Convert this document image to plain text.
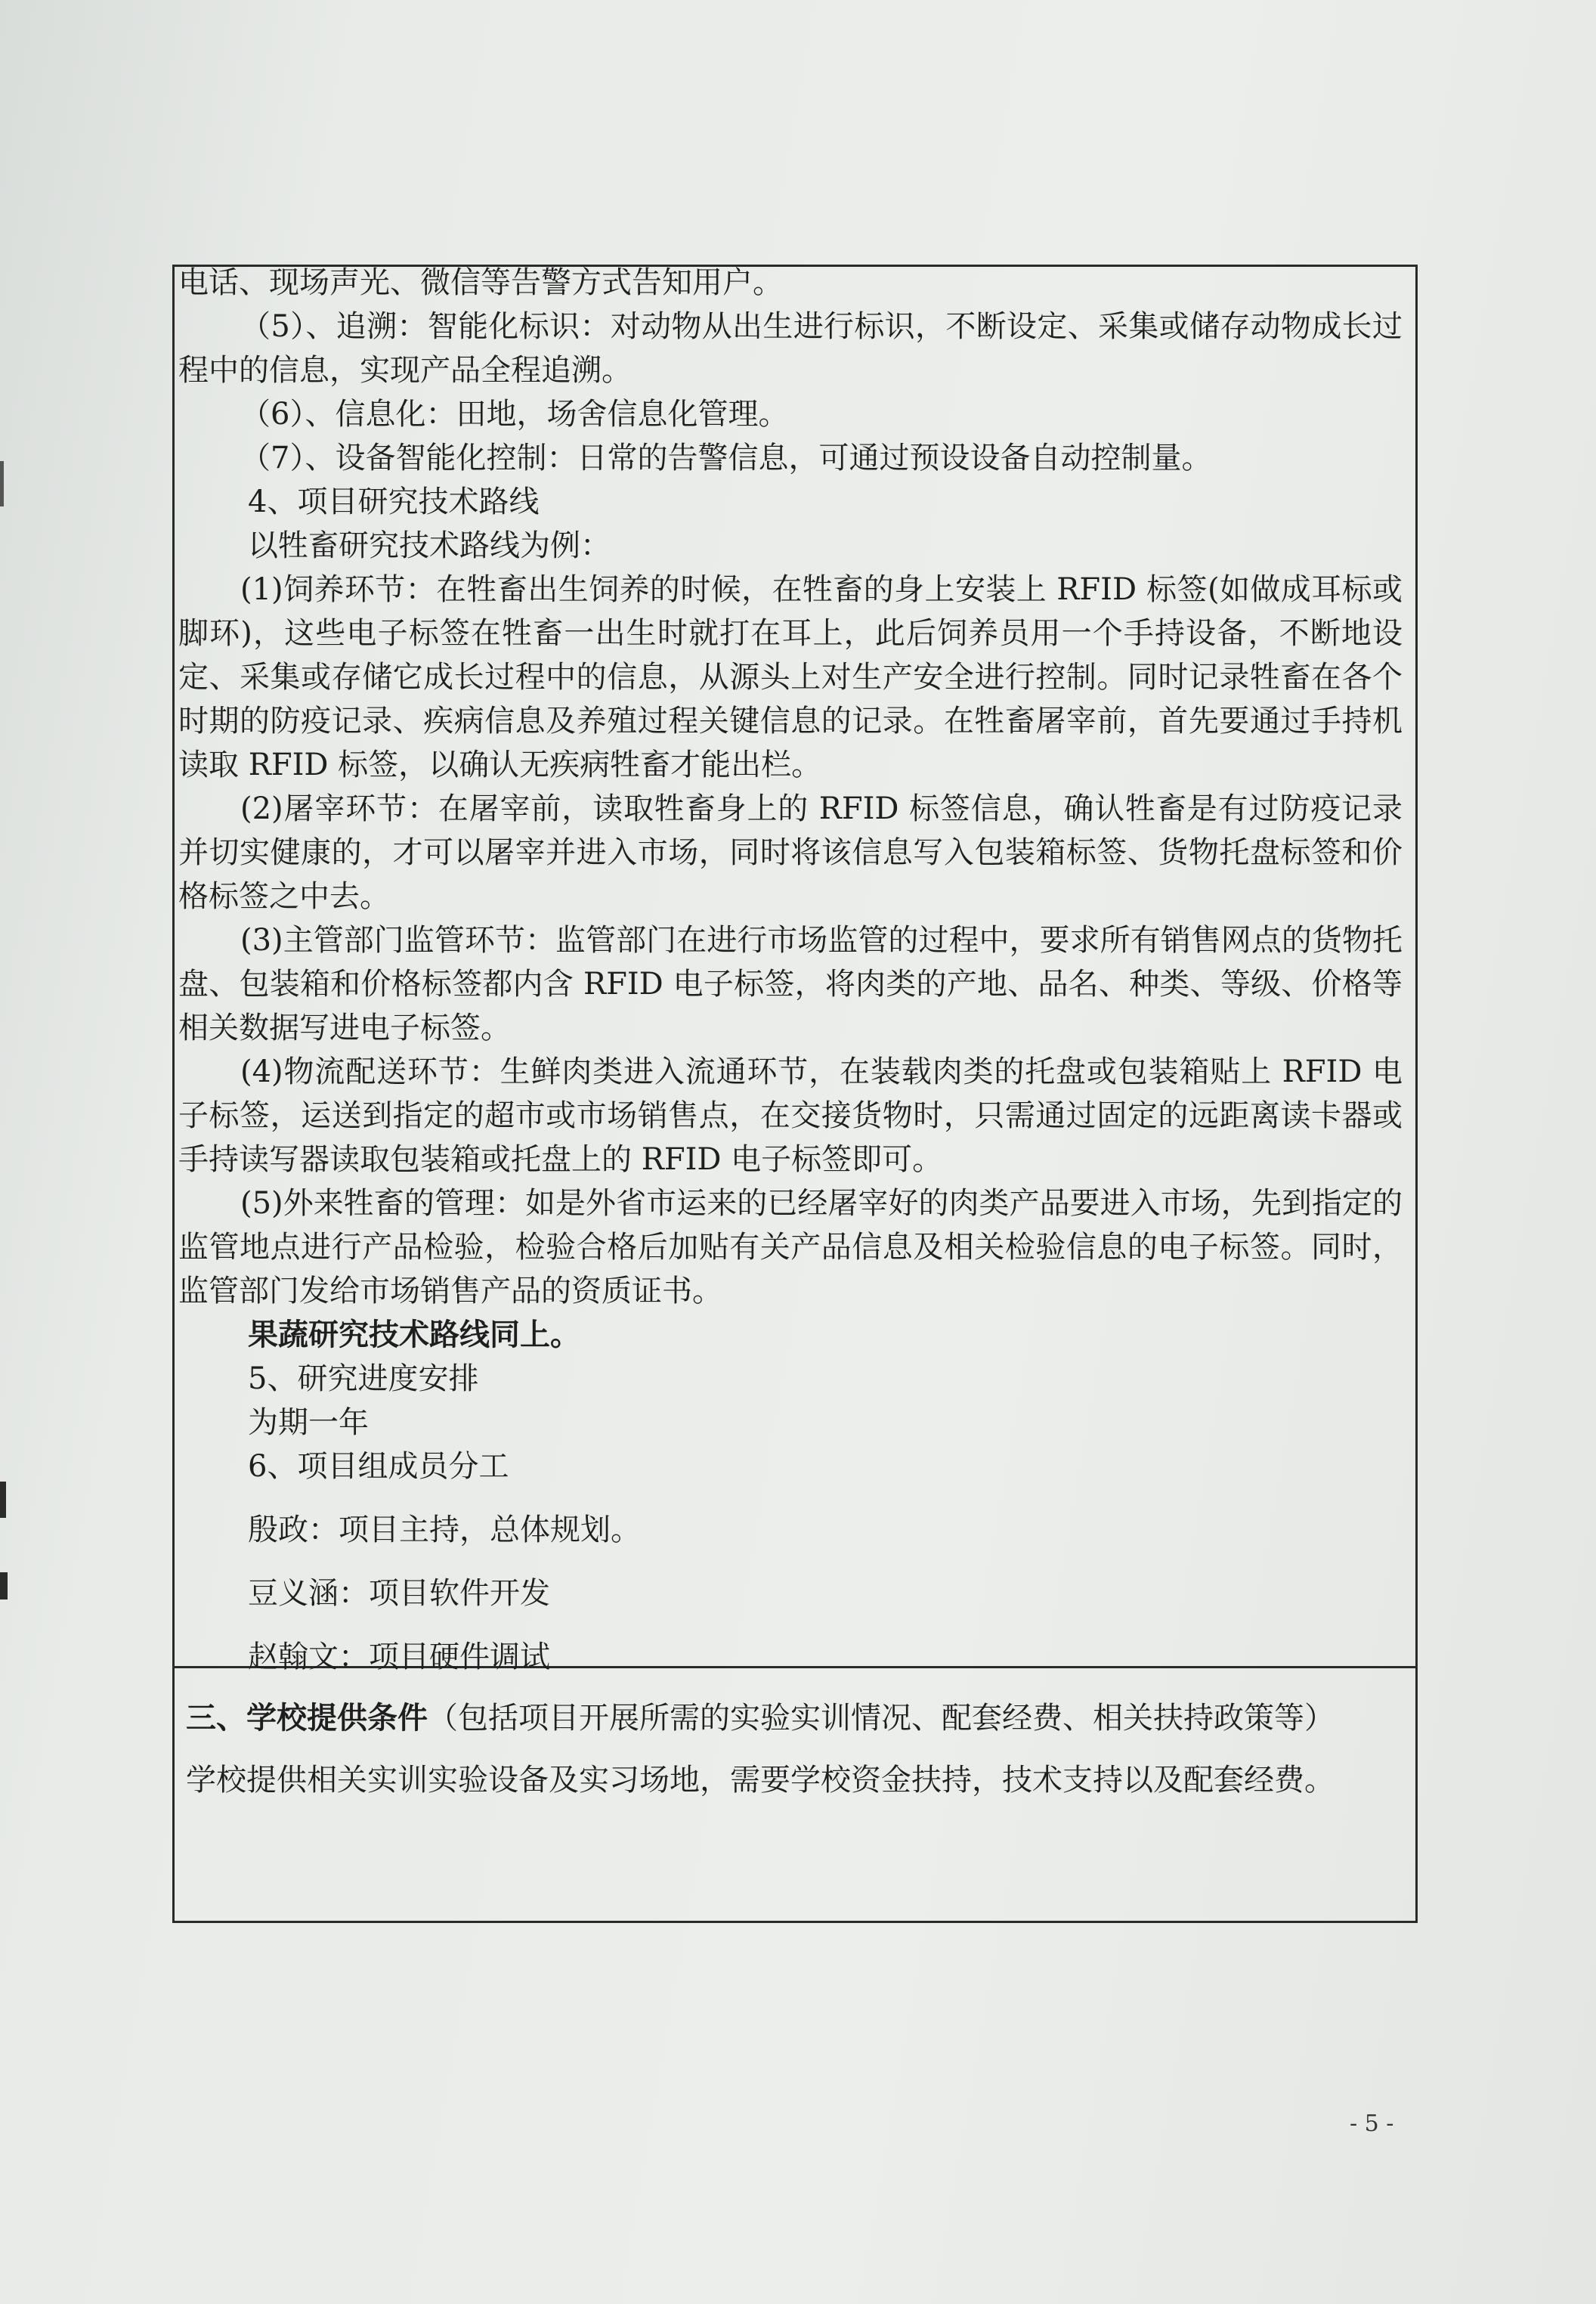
电话、现场声光、微信等告警方式告知用户。

（5）、追溯：智能化标识：对动物从出生进行标识，不断设定、采集或储存动物成长过程中的信息，实现产品全程追溯。

（6）、信息化：田地，场舍信息化管理。

（7）、设备智能化控制：日常的告警信息，可通过预设设备自动控制量。

4、项目研究技术路线

以牲畜研究技术路线为例：

(1)饲养环节：在牲畜出生饲养的时候，在牲畜的身上安装上 RFID 标签(如做成耳标或脚环)，这些电子标签在牲畜一出生时就打在耳上，此后饲养员用一个手持设备，不断地设定、采集或存储它成长过程中的信息，从源头上对生产安全进行控制。同时记录牲畜在各个时期的防疫记录、疾病信息及养殖过程关键信息的记录。在牲畜屠宰前，首先要通过手持机读取 RFID 标签，以确认无疾病牲畜才能出栏。

(2)屠宰环节：在屠宰前，读取牲畜身上的 RFID 标签信息，确认牲畜是有过防疫记录并切实健康的，才可以屠宰并进入市场，同时将该信息写入包装箱标签、货物托盘标签和价格标签之中去。

(3)主管部门监管环节：监管部门在进行市场监管的过程中，要求所有销售网点的货物托盘、包装箱和价格标签都内含 RFID 电子标签，将肉类的产地、品名、种类、等级、价格等相关数据写进电子标签。

(4)物流配送环节：生鲜肉类进入流通环节，在装载肉类的托盘或包装箱贴上 RFID 电子标签，运送到指定的超市或市场销售点，在交接货物时，只需通过固定的远距离读卡器或手持读写器读取包装箱或托盘上的 RFID 电子标签即可。

(5)外来牲畜的管理：如是外省市运来的已经屠宰好的肉类产品要进入市场，先到指定的监管地点进行产品检验，检验合格后加贴有关产品信息及相关检验信息的电子标签。同时，监管部门发给市场销售产品的资质证书。

果蔬研究技术路线同上。

5、研究进度安排

为期一年

6、项目组成员分工

殷政：项目主持，总体规划。

豆义涵：项目软件开发

赵翰文：项目硬件调试

三、学校提供条件（包括项目开展所需的实验实训情况、配套经费、相关扶持政策等）

学校提供相关实训实验设备及实习场地，需要学校资金扶持，技术支持以及配套经费。

- 5 -
